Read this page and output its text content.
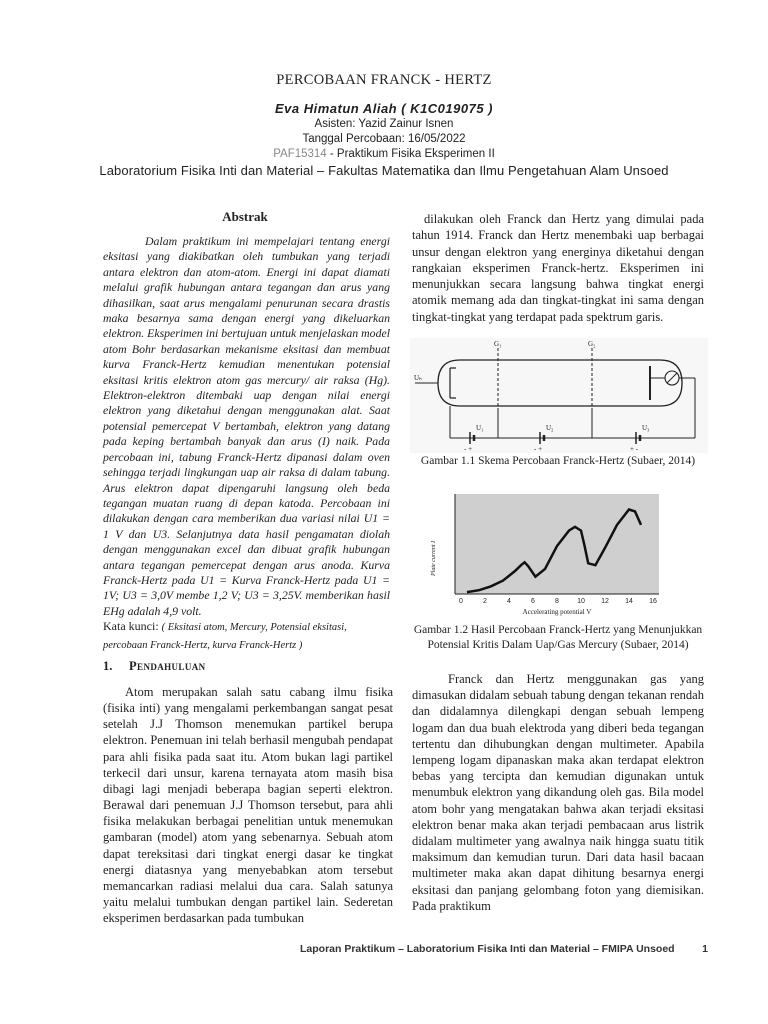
PERCOBAAN FRANCK - HERTZ
Eva Himatun Aliah ( K1C019075 )
Asisten: Yazid Zainur Isnen
Tanggal Percobaan: 16/05/2022
PAF15314 - Praktikum Fisika Eksperimen II
Laboratorium Fisika Inti dan Material – Fakultas Matematika dan Ilmu Pengetahuan Alam Unsoed
Abstrak
Dalam praktikum ini mempelajari tentang energi eksitasi yang diakibatkan oleh tumbukan yang terjadi antara elektron dan atom-atom. Energi ini dapat diamati melalui grafik hubungan antara tegangan dan arus yang dihasilkan, saat arus mengalami penurunan secara drastis maka besarnya sama dengan energi yang dikeluarkan elektron. Eksperimen ini bertujuan untuk menjelaskan model atom Bohr berdasarkan mekanisme eksitasi dan membuat kurva Franck-Hertz kemudian menentukan potensial eksitasi kritis elektron atom gas mercury/ air raksa (Hg). Elektron-elektron ditembaki uap dengan nilai energi elektron yang diketahui dengan menggunakan alat. Saat potensial pemercepat V bertambah, elektron yang datang pada keping bertambah banyak dan arus (I) naik. Pada percobaan ini, tabung Franck-Hertz dipanasi dalam oven sehingga terjadi lingkungan uap air raksa di dalam tabung. Arus elektron dapat dipengaruhi langsung oleh beda tegangan muatan ruang di depan katoda. Percobaan ini dilakukan dengan cara memberikan dua variasi nilai U1 = 1 V dan U3. Selanjutnya data hasil pengamatan diolah dengan menggunakan excel dan dibuat grafik hubungan antara tegangan pemercepat dengan arus anoda. Kurva Franck-Hertz pada U1 = Kurva Franck-Hertz pada U1 = 1V; U3 = 3,0V membe 1,2 V; U3 = 3,25V. memberikan hasil EHg adalah 4,9 volt.
Kata kunci: ( Eksitasi atom, Mercury, Potensial eksitasi, percobaan Franck-Hertz, kurva Franck-Hertz )
1. Pendahuluan
Atom merupakan salah satu cabang ilmu fisika (fisika inti) yang mengalami perkembangan sangat pesat setelah J.J Thomson menemukan partikel berupa elektron. Penemuan ini telah berhasil mengubah pendapat para ahli fisika pada saat itu. Atom bukan lagi partikel terkecil dari unsur, karena ternayata atom masih bisa dibagi lagi menjadi beberapa bagian seperti elektron. Berawal dari penemuan J.J Thomson tersebut, para ahli fisika melakukan berbagai penelitian untuk menemukan gambaran (model) atom yang sebenarnya. Sebuah atom dapat tereksitasi dari tingkat energi dasar ke tingkat energi diatasnya yang menyebabkan atom tersebut memancarkan radiasi melalui dua cara. Salah satunya yaitu melalui tumbukan dengan partikel lain. Sederetan eksperimen berdasarkan pada tumbukan
dilakukan oleh Franck dan Hertz yang dimulai pada tahun 1914. Franck dan Hertz menembaki uap berbagai unsur dengan elektron yang energinya diketahui dengan rangkaian eksperimen Franck-hertz. Eksperimen ini menunjukkan secara langsung bahwa tingkat energi atomik memang ada dan tingkat-tingkat ini sama dengan tingkat-tingkat yang terdapat pada spektrum garis.
G₁	G₂
Uₕ
U₁	U₂	U₃
- +	- +	+ -
Gambar 1.1 Skema Percobaan Franck-Hertz (Subaer, 2014)
Plate current I
Accelerating potential V
0	2	4	6	8	10 12 14 16
Gambar 1.2 Hasil Percobaan Franck-Hertz yang Menunjukkan Potensial Kritis Dalam Uap/Gas Mercury (Subaer, 2014)
Franck dan Hertz menggunakan gas yang dimasukan didalam sebuah tabung dengan tekanan rendah dan didalamnya dilengkapi dengan sebuah lempeng logam dan dua buah elektroda yang diberi beda tegangan tertentu dan dihubungkan dengan multimeter. Apabila lempeng logam dipanaskan maka akan terdapat elektron bebas yang tercipta dan kemudian digunakan untuk menumbuk elektron yang dikandung oleh gas. Bila model atom bohr yang mengatakan bahwa akan terjadi eksitasi elektron benar maka akan terjadi pembacaan arus listrik didalam multimeter yang awalnya naik hingga suatu titik maksimum dan kemudian turun. Dari data hasil bacaan multimeter maka akan dapat dihitung besarnya energi eksitasi dan panjang gelombang foton yang diemisikan. Pada praktikum
Laporan Praktikum – Laboratorium Fisika Inti dan Material – FMIPA Unsoed	1
